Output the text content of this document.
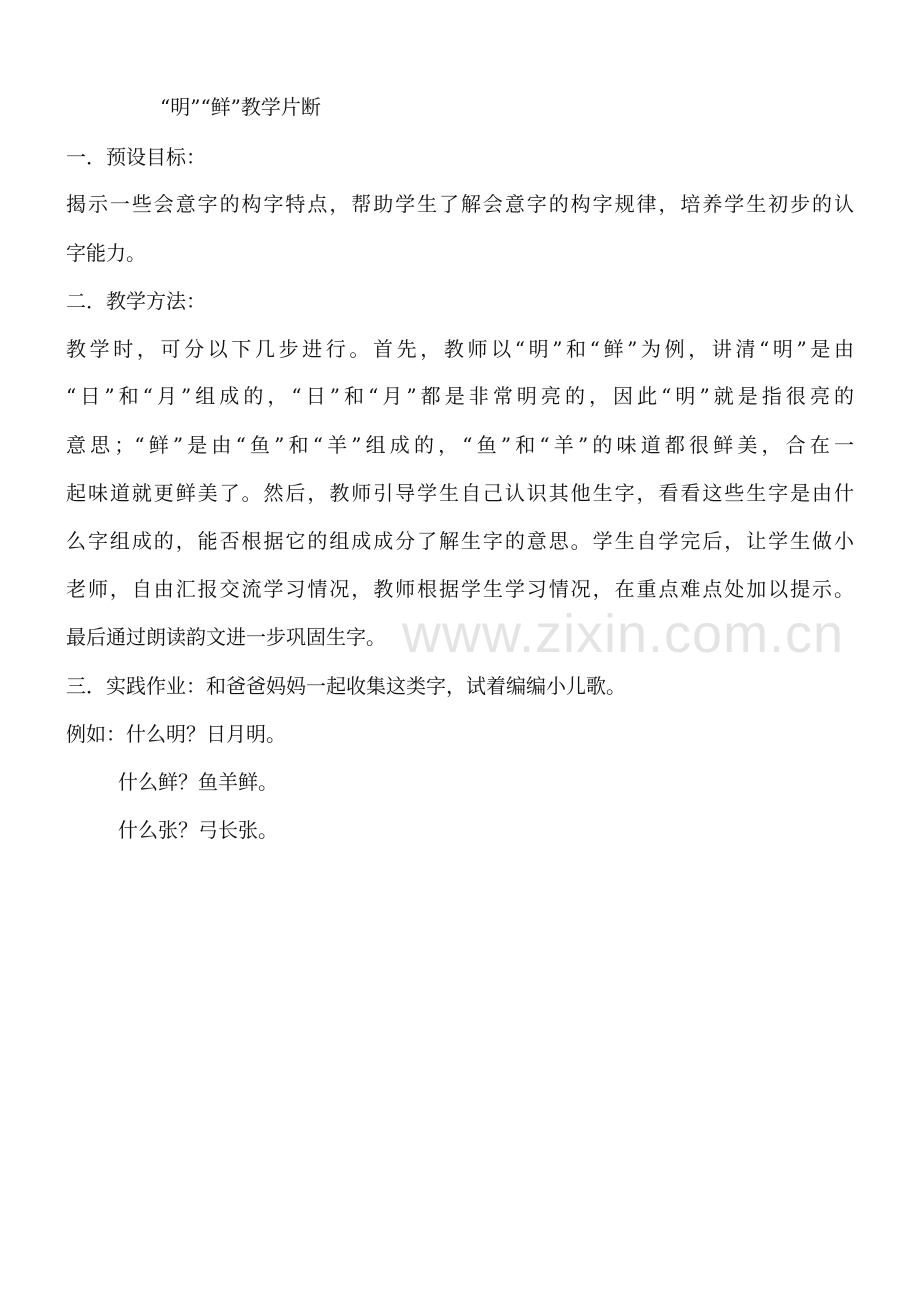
www.zixin.com.cn
“明”“鲜”教学片断
一．预设目标：
揭示一些会意字的构字特点，帮助学生了解会意字的构字规律，培养学生初步的认
字能力。
二．教学方法：
教学时，可分以下几步进行。首先，教师以“明”和“鲜”为例，讲清“明”是由
“日”和“月”组成的，“日”和“月”都是非常明亮的，因此“明”就是指很亮的
意思；“鲜”是由“鱼”和“羊”组成的，“鱼”和“羊”的味道都很鲜美，合在一
起味道就更鲜美了。然后，教师引导学生自己认识其他生字，看看这些生字是由什
么字组成的，能否根据它的组成成分了解生字的意思。学生自学完后，让学生做小
老师，自由汇报交流学习情况，教师根据学生学习情况，在重点难点处加以提示。
最后通过朗读韵文进一步巩固生字。
三．实践作业：和爸爸妈妈一起收集这类字，试着编编小儿歌。
例如：什么明？日月明。
什么鲜？鱼羊鲜。
什么张？弓长张。
